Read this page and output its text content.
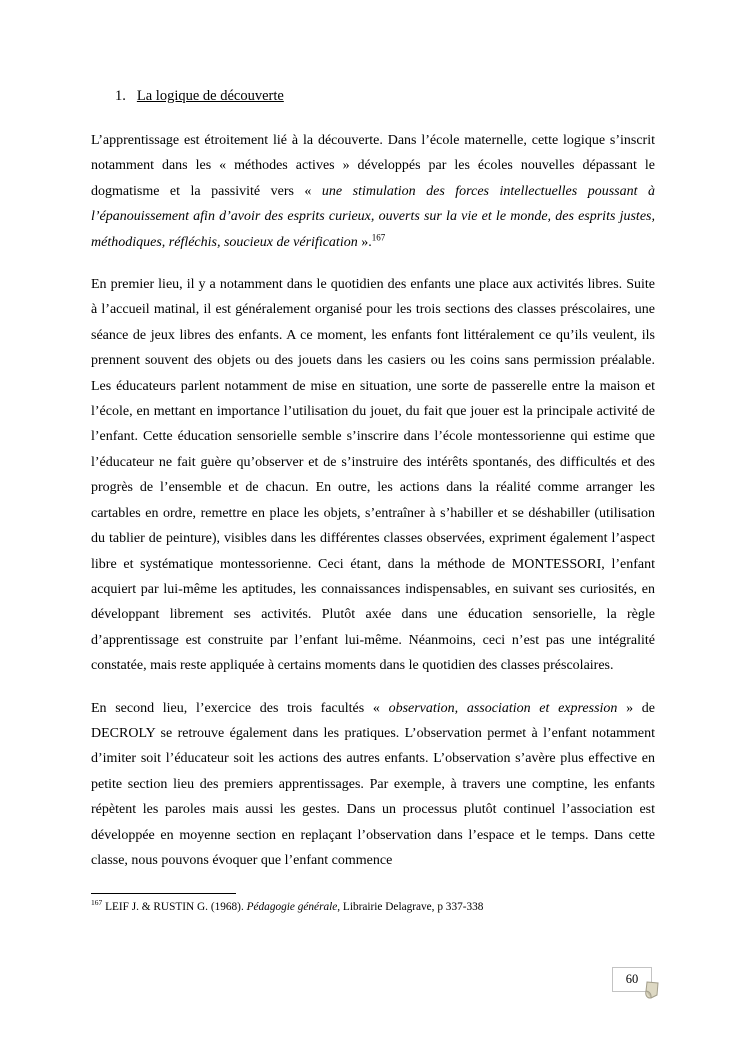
1. La logique de découverte

L’apprentissage est étroitement lié à la découverte. Dans l’école maternelle, cette logique s’inscrit notamment dans les « méthodes actives » développés par les écoles nouvelles dépassant le dogmatisme et la passivité vers « une stimulation des forces intellectuelles poussant à l’épanouissement afin d’avoir des esprits curieux, ouverts sur la vie et le monde, des esprits justes, méthodiques, réfléchis, soucieux de vérification ».$^{167}$

En premier lieu, il y a notamment dans le quotidien des enfants une place aux activités libres. Suite à l’accueil matinal, il est généralement organisé pour les trois sections des classes préscolaires, une séance de jeux libres des enfants. A ce moment, les enfants font littéralement ce qu’ils veulent, ils prennent souvent des objets ou des jouets dans les casiers ou les coins sans permission préalable. Les éducateurs parlent notamment de mise en situation, une sorte de passerelle entre la maison et l’école, en mettant en importance l’utilisation du jouet, du fait que jouer est la principale activité de l’enfant. Cette éducation sensorielle semble s’inscrire dans l’école montessorienne qui estime que l’éducateur ne fait guère qu’observer et de s’instruire des intérêts spontanés, des difficultés et des progrès de l’ensemble et de chacun. En outre, les actions dans la réalité comme arranger les cartables en ordre, remettre en place les objets, s’entraîner à s’habiller et se déshabiller (utilisation du tablier de peinture), visibles dans les différentes classes observées, expriment également l’aspect libre et systématique montessorienne. Ceci étant, dans la méthode de MONTESSORI, l’enfant acquiert par lui-même les aptitudes, les connaissances indispensables, en suivant ses curiosités, en développant librement ses activités. Plutôt axée dans une éducation sensorielle, la règle d’apprentissage est construite par l’enfant lui-même. Néanmoins, ceci n’est pas une intégralité constatée, mais reste appliquée à certains moments dans le quotidien des classes préscolaires.

En second lieu, l’exercice des trois facultés « observation, association et expression » de DECROLY se retrouve également dans les pratiques. L’observation permet à l’enfant notamment d’imiter soit l’éducateur soit les actions des autres enfants. L’observation s’avère plus effective en petite section lieu des premiers apprentissages. Par exemple, à travers une comptine, les enfants répètent les paroles mais aussi les gestes. Dans un processus plutôt continuel l’association est développée en moyenne section en replaçant l’observation dans l’espace et le temps. Dans cette classe, nous pouvons évoquer que l’enfant commence

$^{167}$ LEIF J. & RUSTIN G. (1968). Pédagogie générale, Librairie Delagrave, p 337-338

60
